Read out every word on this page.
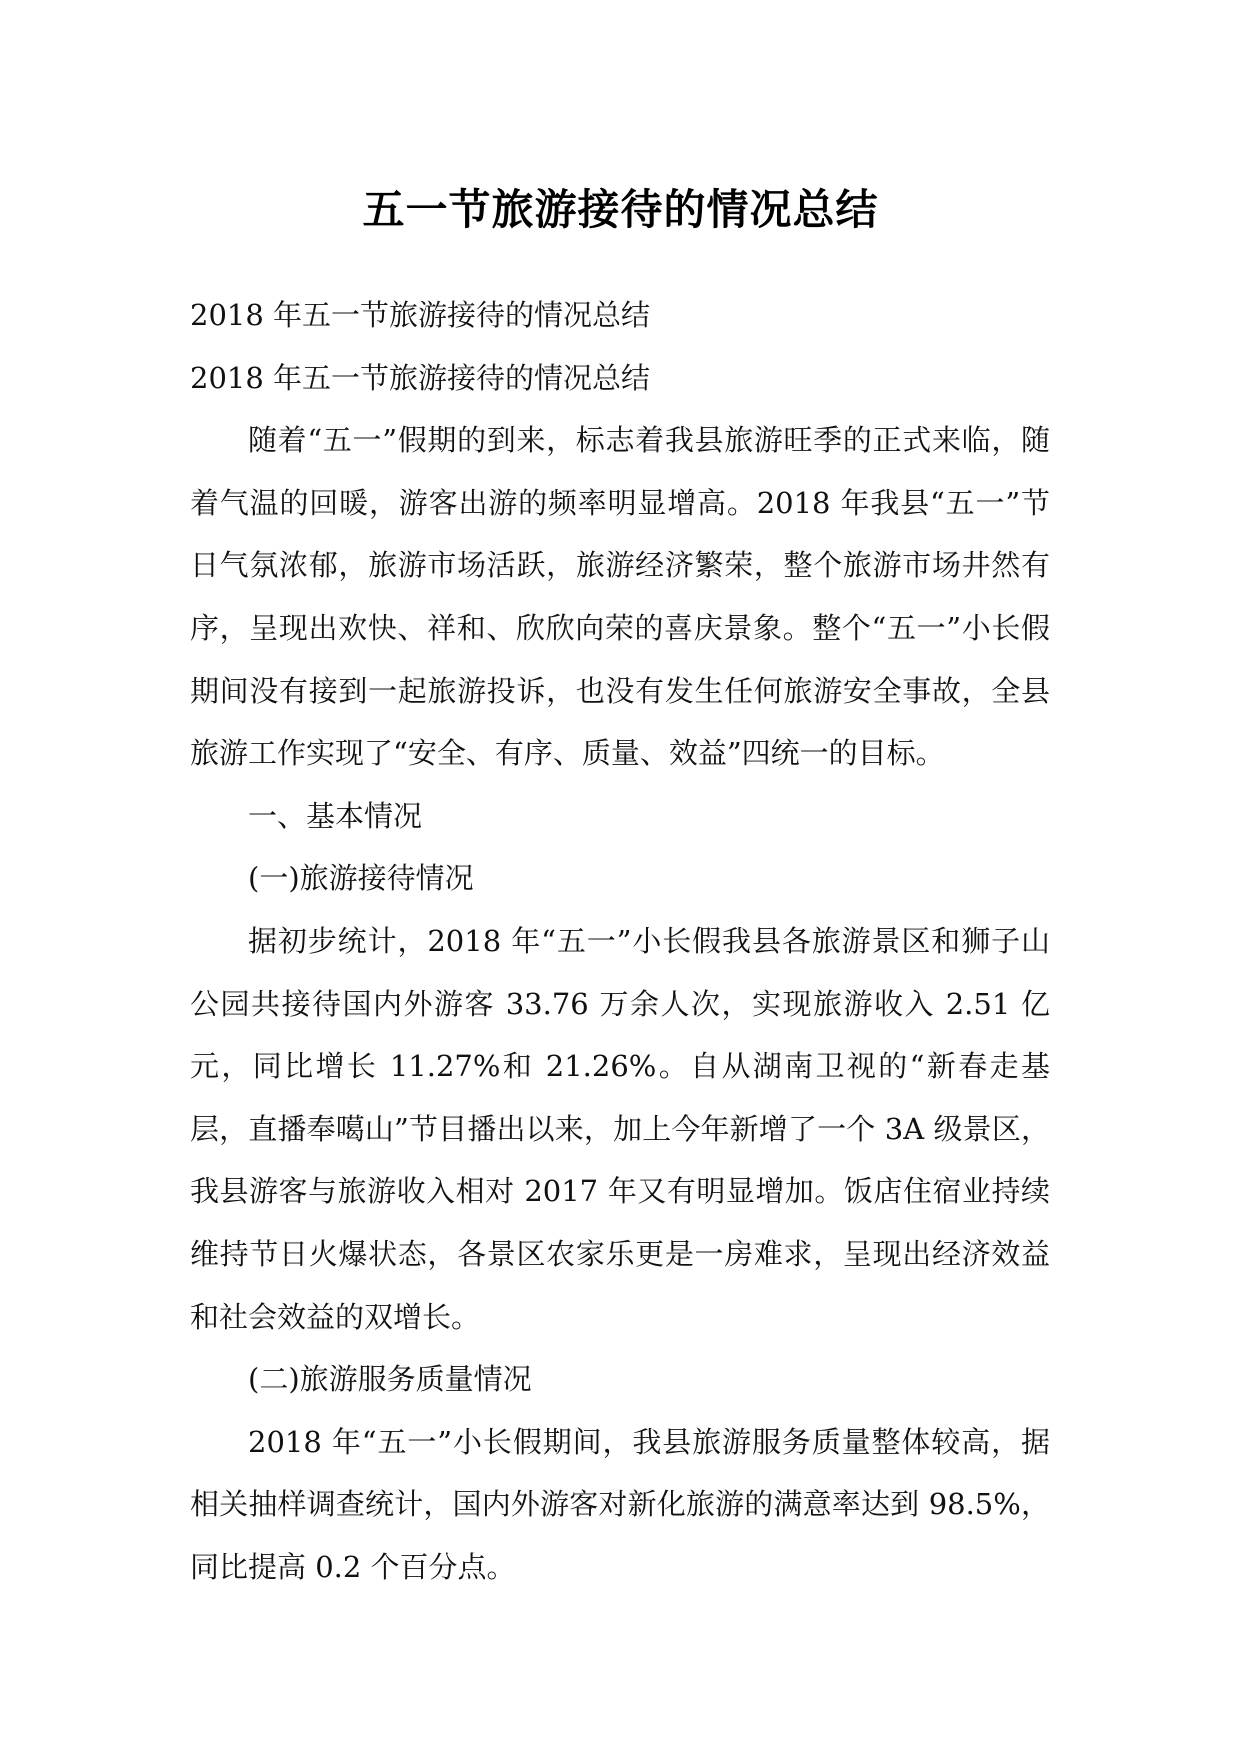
五一节旅游接待的情况总结

2018 年五一节旅游接待的情况总结

2018 年五一节旅游接待的情况总结

随着“五一”假期的到来，标志着我县旅游旺季的正式来临，随着气温的回暖，游客出游的频率明显增高。2018 年我县“五一”节日气氛浓郁，旅游市场活跃，旅游经济繁荣，整个旅游市场井然有序，呈现出欢快、祥和、欣欣向荣的喜庆景象。整个“五一”小长假期间没有接到一起旅游投诉，也没有发生任何旅游安全事故，全县旅游工作实现了“安全、有序、质量、效益”四统一的目标。

一、基本情况

(一)旅游接待情况

据初步统计，2018 年“五一”小长假我县各旅游景区和狮子山公园共接待国内外游客 33.76 万余人次，实现旅游收入 2.51 亿元，同比增长 11.27%和 21.26%。自从湖南卫视的“新春走基层，直播奉噶山”节目播出以来，加上今年新增了一个 3A 级景区，我县游客与旅游收入相对 2017 年又有明显增加。饭店住宿业持续维持节日火爆状态，各景区农家乐更是一房难求，呈现出经济效益和社会效益的双增长。

(二)旅游服务质量情况

2018 年“五一”小长假期间，我县旅游服务质量整体较高，据相关抽样调查统计，国内外游客对新化旅游的满意率达到 98.5%，同比提高 0.2 个百分点。
